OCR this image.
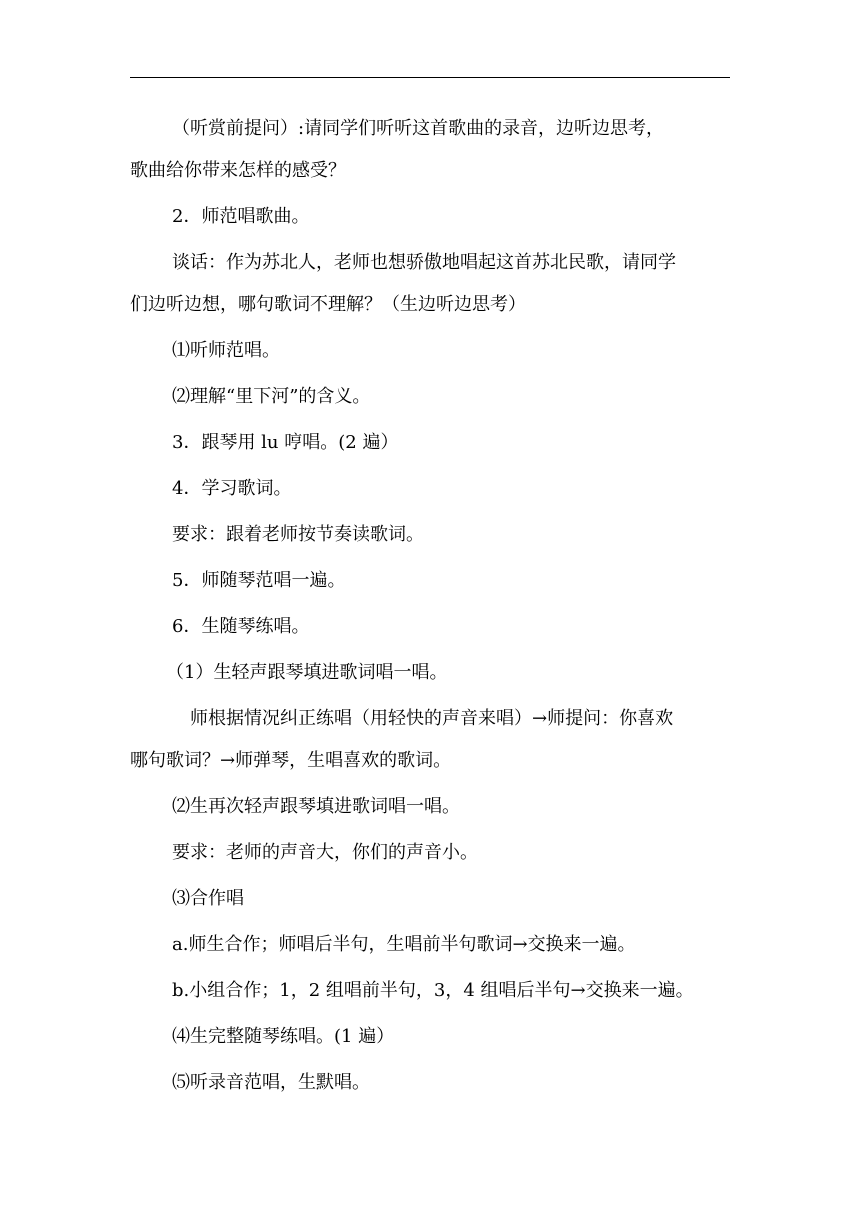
（听赏前提问）:请同学们听听这首歌曲的录音，边听边思考，

歌曲给你带来怎样的感受？

2．师范唱歌曲。

谈话：作为苏北人，老师也想骄傲地唱起这首苏北民歌，请同学

们边听边想，哪句歌词不理解？（生边听边思考）

⑴听师范唱。

⑵理解“里下河”的含义。

3．跟琴用 lu 哼唱。(2 遍）

4．学习歌词。

要求：跟着老师按节奏读歌词。

5．师随琴范唱一遍。

6．生随琴练唱。

（1）生轻声跟琴填进歌词唱一唱。

师根据情况纠正练唱（用轻快的声音来唱）→师提问：你喜欢

哪句歌词？→师弹琴，生唱喜欢的歌词。

⑵生再次轻声跟琴填进歌词唱一唱。

要求：老师的声音大，你们的声音小。

⑶合作唱

a.师生合作；师唱后半句，生唱前半句歌词→交换来一遍。

b.小组合作；1，2 组唱前半句，3，4 组唱后半句→交换来一遍。

⑷生完整随琴练唱。(1 遍）

⑸听录音范唱，生默唱。
